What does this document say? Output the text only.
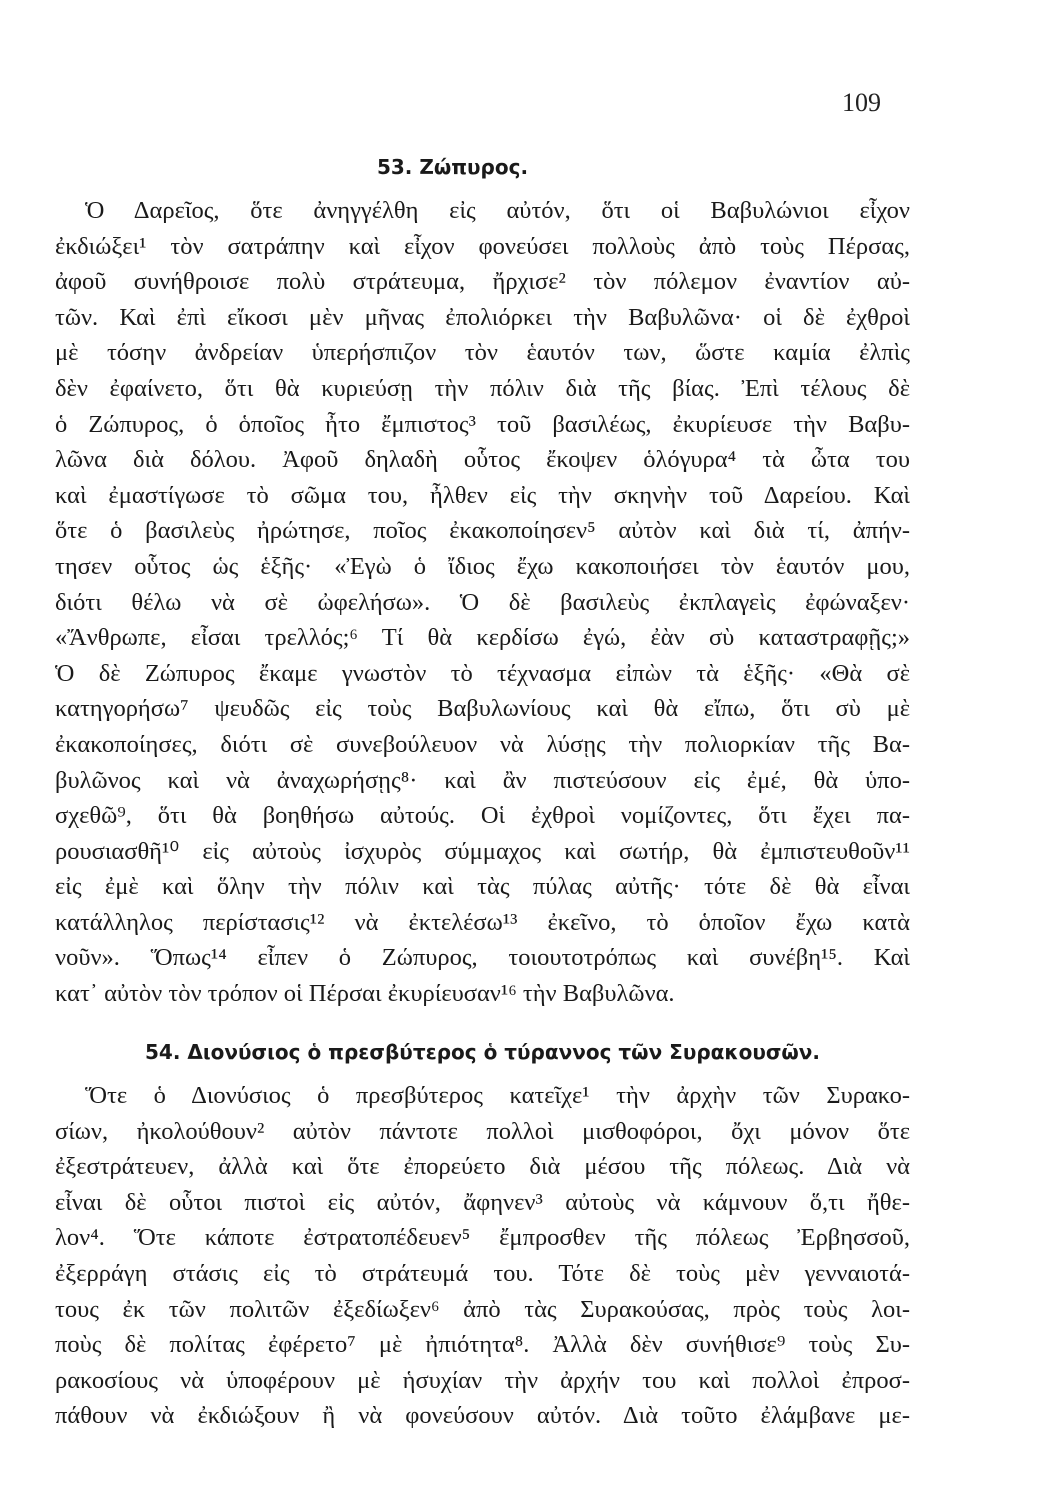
109
53. Ζώπυρος.
Ὁ Δαρεῖος, ὅτε ἀνηγγέλθη εἰς αὐτόν, ὅτι οἱ Βαβυλώνιοι εἶχον
ἐκδιώξει¹ τὸν σατράπην καὶ εἶχον φονεύσει πολλοὺς ἀπὸ τοὺς Πέρσας,
ἀφοῦ συνήθροισε πολὺ στράτευμα, ἤρχισε² τὸν πόλεμον ἐναντίον αὐ-
τῶν. Καὶ ἐπὶ εἴκοσι μὲν μῆνας ἐπολιόρκει τὴν Βαβυλῶνα· οἱ δὲ ἐχθροὶ
μὲ τόσην ἀνδρείαν ὑπερήσπιζον τὸν ἑαυτόν των, ὥστε καμία ἐλπὶς
δὲν ἐφαίνετο, ὅτι θὰ κυριεύσῃ τὴν πόλιν διὰ τῆς βίας. Ἐπὶ τέλους δὲ
ὁ Ζώπυρος, ὁ ὁποῖος ἦτο ἔμπιστος³ τοῦ βασιλέως, ἐκυρίευσε τὴν Βαβυ-
λῶνα διὰ δόλου. Ἀφοῦ δηλαδὴ οὗτος ἔκοψεν ὁλόγυρα⁴ τὰ ὦτα του
καὶ ἐμαστίγωσε τὸ σῶμα του, ἦλθεν εἰς τὴν σκηνὴν τοῦ Δαρείου. Καὶ
ὅτε ὁ βασιλεὺς ἠρώτησε, ποῖος ἐκακοποίησεν⁵ αὐτὸν καὶ διὰ τί, ἀπήν-
τησεν οὗτος ὡς ἑξῆς· «Ἐγὼ ὁ ἴδιος ἔχω κακοποιήσει τὸν ἑαυτόν μου,
διότι θέλω νὰ σὲ ὠφελήσω». Ὁ δὲ βασιλεὺς ἐκπλαγεὶς ἐφώναξεν·
«Ἄνθρωπε, εἶσαι τρελλός;⁶ Τί θὰ κερδίσω ἐγώ, ἐὰν σὺ καταστραφῇς;»
Ὁ δὲ Ζώπυρος ἔκαμε γνωστὸν τὸ τέχνασμα εἰπὼν τὰ ἑξῆς· «Θὰ σὲ
κατηγορήσω⁷ ψευδῶς εἰς τοὺς Βαβυλωνίους καὶ θὰ εἴπω, ὅτι σὺ μὲ
ἐκακοποίησες, διότι σὲ συνεβούλευον νὰ λύσῃς τὴν πολιορκίαν τῆς Βα-
βυλῶνος καὶ νὰ ἀναχωρήσῃς⁸· καὶ ἂν πιστεύσουν εἰς ἐμέ, θὰ ὑπο-
σχεθῶ⁹, ὅτι θὰ βοηθήσω αὐτούς. Οἱ ἐχθροὶ νομίζοντες, ὅτι ἔχει πα-
ρουσιασθῆ¹⁰ εἰς αὐτοὺς ἰσχυρὸς σύμμαχος καὶ σωτήρ, θὰ ἐμπιστευθοῦν¹¹
εἰς ἐμὲ καὶ ὅλην τὴν πόλιν καὶ τὰς πύλας αὐτῆς· τότε δὲ θὰ εἶναι
κατάλληλος περίστασις¹² νὰ ἐκτελέσω¹³ ἐκεῖνο, τὸ ὁποῖον ἔχω κατὰ
νοῦν». Ὅπως¹⁴ εἶπεν ὁ Ζώπυρος, τοιουτοτρόπως καὶ συνέβη¹⁵. Καὶ
κατ᾽ αὐτὸν τὸν τρόπον οἱ Πέρσαι ἐκυρίευσαν¹⁶ τὴν Βαβυλῶνα.
54. Διονύσιος ὁ πρεσβύτερος ὁ τύραννος τῶν Συρακουσῶν.
Ὅτε ὁ Διονύσιος ὁ πρεσβύτερος κατεῖχε¹ τὴν ἀρχὴν τῶν Συρακο-
σίων, ἠκολούθουν² αὐτὸν πάντοτε πολλοὶ μισθοφόροι, ὄχι μόνον ὅτε
ἐξεστράτευεν, ἀλλὰ καὶ ὅτε ἐπορεύετο διὰ μέσου τῆς πόλεως. Διὰ νὰ
εἶναι δὲ οὗτοι πιστοὶ εἰς αὐτόν, ἄφηνεν³ αὐτοὺς νὰ κάμνουν ὅ,τι ἤθε-
λον⁴. Ὅτε κάποτε ἐστρατοπέδευεν⁵ ἔμπροσθεν τῆς πόλεως Ἐρβησσοῦ,
ἐξερράγη στάσις εἰς τὸ στράτευμά του. Τότε δὲ τοὺς μὲν γενναιοτά-
τους ἐκ τῶν πολιτῶν ἐξεδίωξεν⁶ ἀπὸ τὰς Συρακούσας, πρὸς τοὺς λοι-
ποὺς δὲ πολίτας ἐφέρετο⁷ μὲ ἠπιότητα⁸. Ἀλλὰ δὲν συνήθισε⁹ τοὺς Συ-
ρακοσίους νὰ ὑποφέρουν μὲ ἡσυχίαν τὴν ἀρχήν του καὶ πολλοὶ ἐπροσ-
πάθουν νὰ ἐκδιώξουν ἢ νὰ φονεύσουν αὐτόν. Διὰ τοῦτο ἐλάμβανε με-
